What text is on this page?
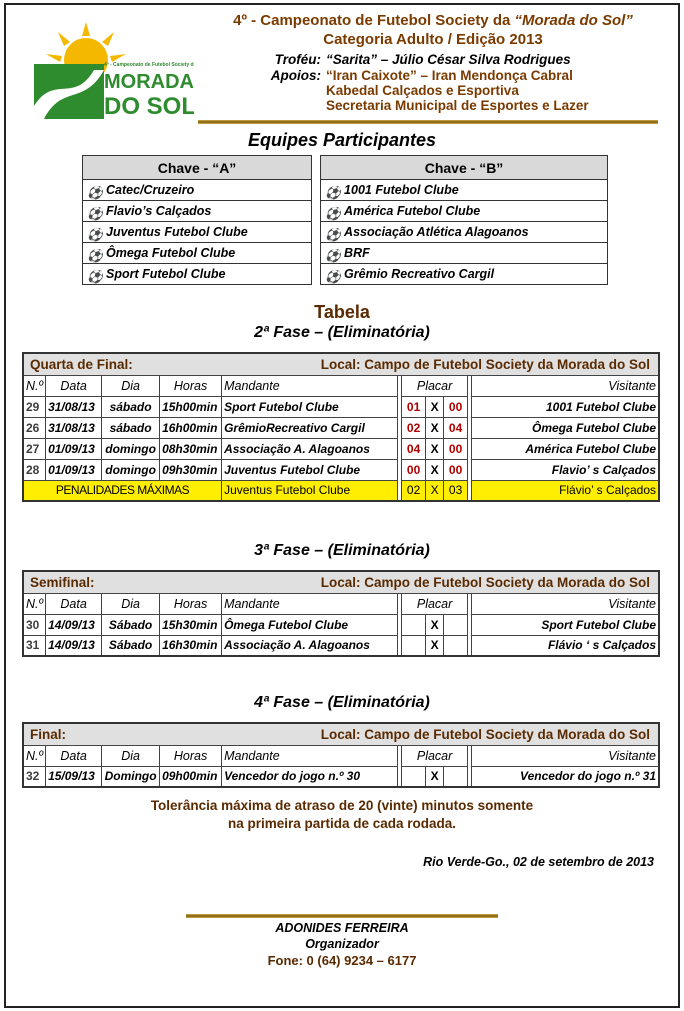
4º - Campeonato de Futebol Society da
MORADA
DO SOL
4º - Campeonato de Futebol Society da “Morada do Sol”
Categoria Adulto / Edição 2013
Troféu: “Sarita” – Júlio César Silva Rodrigues
Apoios: “Iran Caixote” – Iran Mendonça Cabral
Kabedal Calçados e Esportiva
Secretaria Municipal de Esportes e Lazer
Equipes Participantes
Chave - “A”		Chave - “B”
⚽ Catec/Cruzeiro		⚽ 1001 Futebol Clube
⚽ Flavio’s Calçados		⚽ América Futebol Clube
⚽ Juventus Futebol Clube		⚽ Associação Atlética Alagoanos
⚽ Ômega Futebol Clube		⚽ BRF
⚽ Sport Futebol Clube		⚽ Grêmio Recreativo Cargil
Tabela
2ª Fase – (Eliminatória)
Quarta de Final:				Local: Campo de Futebol Society da Morada do Sol						
N.º	Data	Dia	Horas	Mandante		Placar				Visitante
29	31/08/13	sábado	15h00min	Sport Futebol Clube		01	X	00		1001 Futebol Clube
26	31/08/13	sábado	16h00min	GrêmioRecreativo Cargil		02	X	04		Ômega Futebol Clube
27	01/09/13	domingo	08h30min	Associação A. Alagoanos		04	X	00		América Futebol Clube
28	01/09/13	domingo	09h30min	Juventus Futebol Clube		00	X	00		Flavio’ s Calçados
PENALIDADES MÁXIMAS				Juventus Futebol Clube		02	X	03		Flávio’ s Calçados
3ª Fase – (Eliminatória)
Semifinal:				Local: Campo de Futebol Society da Morada do Sol						
N.º	Data	Dia	Horas	Mandante		Placar				Visitante
30	14/09/13	Sábado	15h30min	Ômega Futebol Clube			X			Sport Futebol Clube
31	14/09/13	Sábado	16h30min	Associação A. Alagoanos			X			Flávio ‘ s Calçados
4ª Fase – (Eliminatória)
Final:				Local: Campo de Futebol Society da Morada do Sol						
N.º	Data	Dia	Horas	Mandante		Placar				Visitante
32	15/09/13	Domingo	09h00min	Vencedor do jogo n.º 30			X			Vencedor do jogo n.º 31
Tolerância máxima de atraso de 20 (vinte) minutos somente
na primeira partida de cada rodada.
Rio Verde-Go., 02 de setembro de 2013
ADONIDES FERREIRA
Organizador
Fone: 0 (64) 9234 – 6177
